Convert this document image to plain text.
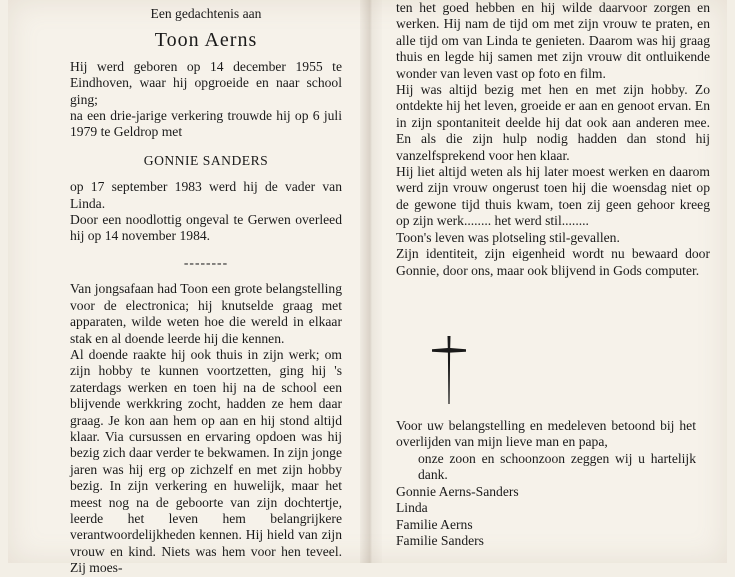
Een gedachtenis aan

Toon Aerns

Hij werd geboren op 14 december 1955 te Eindhoven, waar hij opgroeide en naar school ging;

na een drie-jarige verkering trouwde hij op 6 juli 1979 te Geldrop met

GONNIE SANDERS

op 17 september 1983 werd hij de vader van Linda.

Door een noodlottig ongeval te Gerwen overleed hij op 14 november 1984.

--------

Van jongsafaan had Toon een grote belangstelling voor de electronica; hij knutselde graag met apparaten, wilde weten hoe die wereld in elkaar stak en al doende leerde hij die kennen.

Al doende raakte hij ook thuis in zijn werk; om zijn hobby te kunnen voortzetten, ging hij 's zaterdags werken en toen hij na de school een blijvende werkkring zocht, hadden ze hem daar graag. Je kon aan hem op aan en hij stond altijd klaar. Via cursussen en ervaring opdoen was hij bezig zich daar verder te bekwamen. In zijn jonge jaren was hij erg op zichzelf en met zijn hobby bezig. In zijn verkering en huwelijk, maar het meest nog na de geboorte van zijn dochtertje, leerde het leven hem belangrijkere verantwoordelijkheden kennen. Hij hield van zijn vrouw en kind. Niets was hem voor hen teveel. Zij moes-

ten het goed hebben en hij wilde daarvoor zorgen en werken. Hij nam de tijd om met zijn vrouw te praten, en alle tijd om van Linda te genieten. Daarom was hij graag thuis en legde hij samen met zijn vrouw dit ontluikende wonder van leven vast op foto en film.

Hij was altijd bezig met hen en met zijn hobby. Zo ontdekte hij het leven, groeide er aan en genoot ervan. En in zijn spontaniteit deelde hij dat ook aan anderen mee. En als die zijn hulp nodig hadden dan stond hij vanzelfsprekend voor hen klaar.

Hij liet altijd weten als hij later moest werken en daarom werd zijn vrouw ongerust toen hij die woensdag niet op de gewone tijd thuis kwam, toen zij geen gehoor kreeg op zijn werk........ het werd stil........

Toon's leven was plotseling stil-gevallen.

Zijn identiteit, zijn eigenheid wordt nu bewaard door Gonnie, door ons, maar ook blijvend in Gods computer.

Voor uw belangstelling en medeleven betoond bij het overlijden van mijn lieve man en papa,

onze zoon en schoonzoon zeggen wij u hartelijk dank.

Gonnie Aerns-Sanders
Linda
Familie Aerns
Familie Sanders
